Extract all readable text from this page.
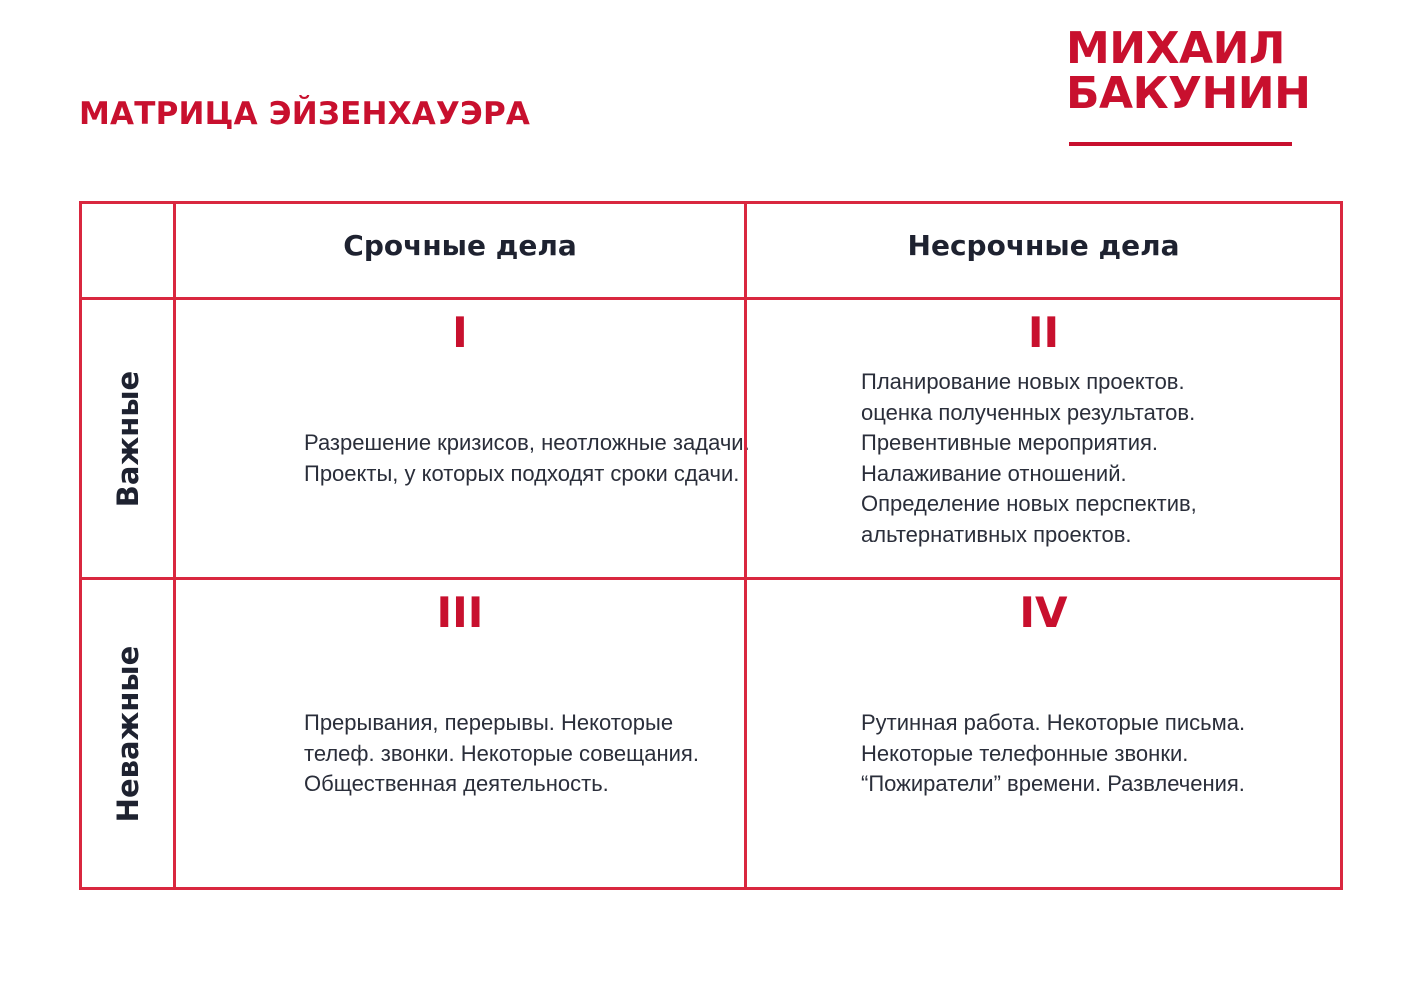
МАТРИЦА ЭЙЗЕНХАУЭРА
МИХАИЛ
БАКУНИН
Срочные дела	Несрочные дела
Важные
I
Разрешение кризисов, неотложные задачи.
Проекты, у которых подходят сроки сдачи.
II
Планирование новых проектов.
оценка полученных результатов.
Превентивные мероприятия.
Налаживание отношений.
Определение новых перспектив,
альтернативных проектов.
Неважные
III
Прерывания, перерывы. Некоторые
телеф. звонки. Некоторые совещания.
Общественная деятельность.
IV
Рутинная работа. Некоторые письма.
Некоторые телефонные звонки.
“Пожиратели” времени. Развлечения.
